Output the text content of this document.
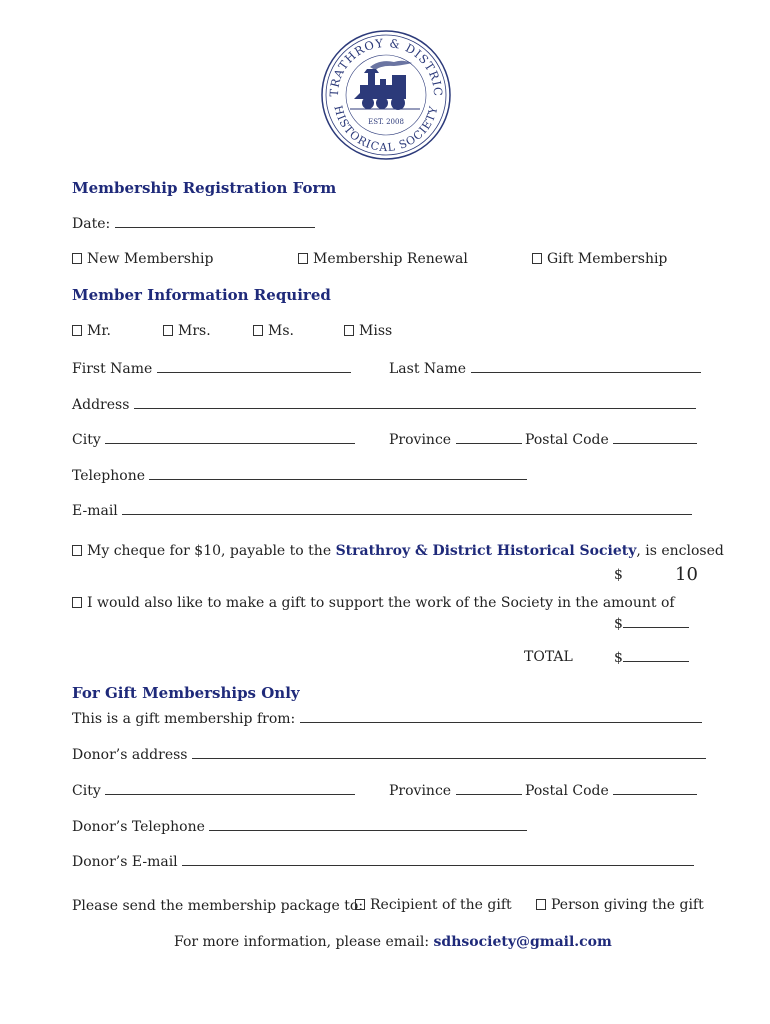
TRATHROY & DISTRIC
HISTORICAL SOCIETY
EST. 2008
Membership Registration Form
Date:
New Membership	Membership Renewal	Gift Membership
Member Information Required
Mr.	Mrs.	Ms.	Miss
First Name	Last Name
Address
City	Province	Postal Code
Telephone
E-mail
My cheque for $10, payable to the Strathroy & District Historical Society, is enclosed
$	10
I would also like to make a gift to support the work of the Society in the amount of
$
TOTAL	$
For Gift Memberships Only
This is a gift membership from:
Donor’s address
City	Province	Postal Code
Donor’s Telephone
Donor’s E-mail
Please send the membership package to: Recipient of the gift	Person giving the gift
For more information, please email: sdhsociety@gmail.com
